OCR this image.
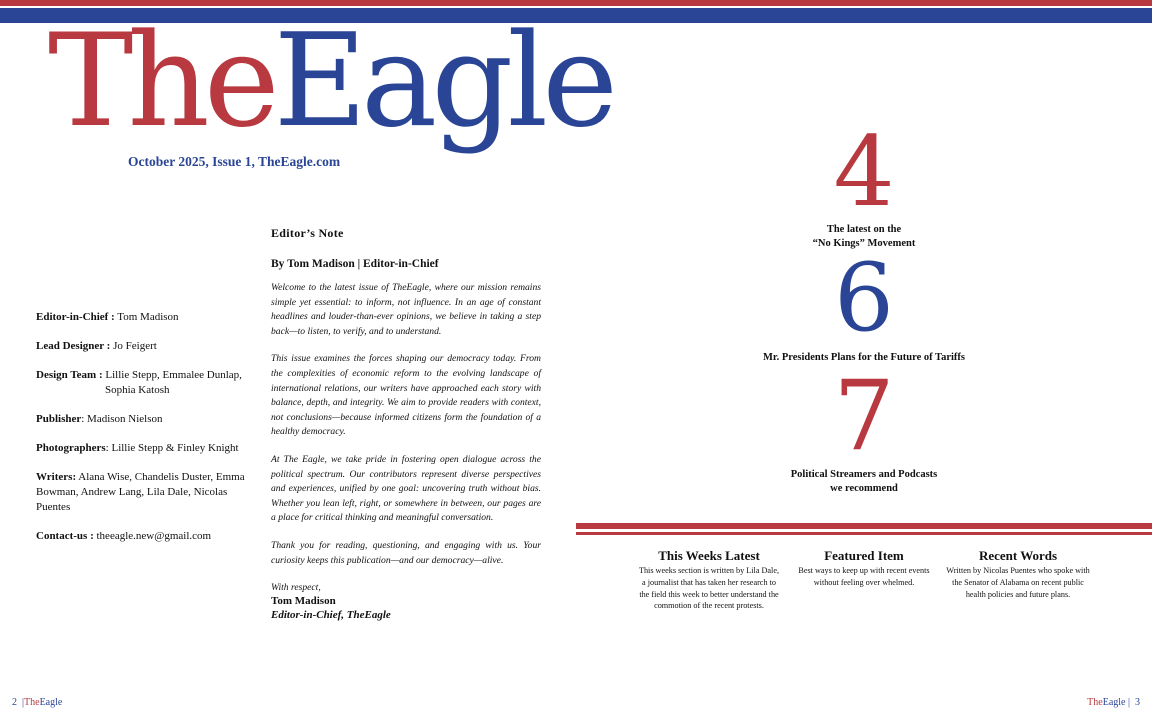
TheEagle
October 2025, Issue 1, TheEagle.com
Editor-in-Chief : Tom Madison
Lead Designer : Jo Feigert
Design Team : Lillie Stepp, Emmalee Dunlap,
Sophia Katosh
Publisher: Madison Nielson
Photographers: Lillie Stepp & Finley Knight
Writers: Alana Wise, Chandelis Duster, Emma Bowman, Andrew Lang, Lila Dale, Nicolas Puentes
Contact-us : theeagle.new@gmail.com
Editor’s Note
By Tom Madison | Editor-in-Chief

Welcome to the latest issue of TheEagle, where our mission remains simple yet essential: to inform, not influence. In an age of constant headlines and louder-than-ever opinions, we believe in taking a step back—to listen, to verify, and to understand.

This issue examines the forces shaping our democracy today. From the complexities of economic reform to the evolving landscape of international relations, our writers have approached each story with balance, depth, and integrity. We aim to provide readers with context, not conclusions—because informed citizens form the foundation of a healthy democracy.

At The Eagle, we take pride in fostering open dialogue across the political spectrum. Our contributors represent diverse perspectives and experiences, unified by one goal: uncovering truth without bias. Whether you lean left, right, or somewhere in between, our pages are a place for critical thinking and meaningful conversation.

Thank you for reading, questioning, and engaging with us. Your curiosity keeps this publication—and our democracy—alive.

With respect,
Tom Madison
Editor-in-Chief, TheEagle
4
The latest on the
“No Kings” Movement
6
Mr. Presidents Plans for the Future of Tariffs
7
Political Streamers and Podcasts
we recommend
This Weeks Latest

This weeks section is written by Lila Dale, a journalist that has taken her research to the field this week to better understand the commotion of the recent protests.

Featured Item

Best ways to keep up with recent events without feeling over whelmed.

Recent Words

Written by Nicolas Puentes who spoke with the Senator of Alabama on recent public health policies and future plans.

2 |TheEagle	TheEagle | 3
